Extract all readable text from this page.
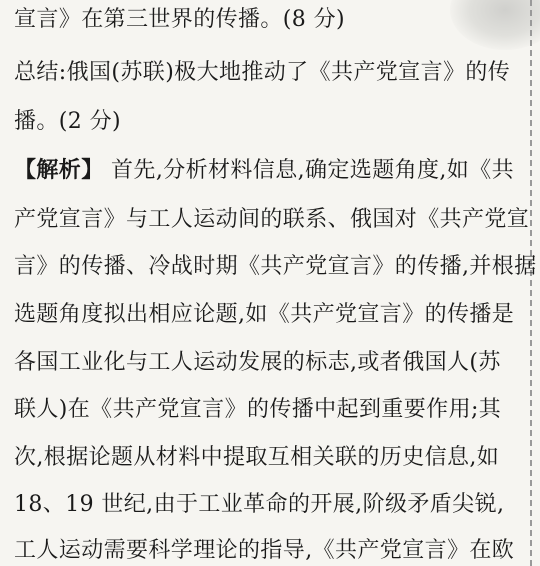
宣言》在第三世界的传播。(8 分)
总结:俄国(苏联)极大地推动了《共产党宣言》的传
播。(2 分)
【解析】 首先,分析材料信息,确定选题角度,如《共
产党宣言》与工人运动间的联系、俄国对《共产党宣
言》的传播、冷战时期《共产党宣言》的传播,并根据
选题角度拟出相应论题,如《共产党宣言》的传播是
各国工业化与工人运动发展的标志,或者俄国人(苏
联人)在《共产党宣言》的传播中起到重要作用;其
次,根据论题从材料中提取互相关联的历史信息,如
18、19 世纪,由于工业革命的开展,阶级矛盾尖锐,
工人运动需要科学理论的指导,《共产党宣言》在欧
